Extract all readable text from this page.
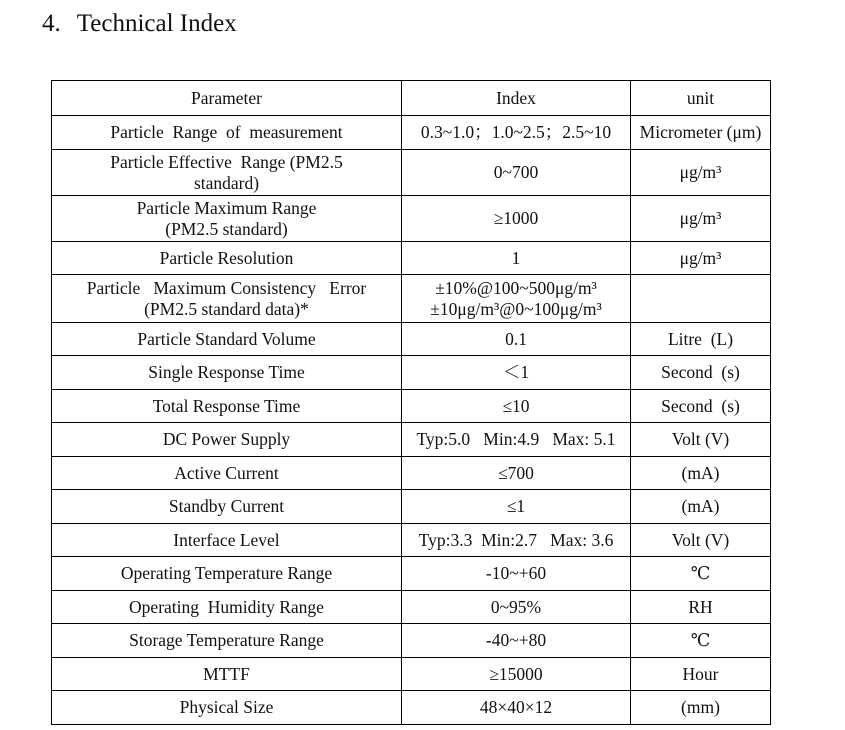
4. Technical Index
Parameter	Index	unit

Particle  Range  of  measurement	0.3~1.0；1.0~2.5；2.5~10	Micrometer (μm)

Particle Effective  Range (PM2.5
standard)	0~700	μg/m³

Particle Maximum Range
(PM2.5 standard)	≥1000	μg/m³

Particle Resolution	1	μg/m³

Particle   Maximum Consistency   Error
(PM2.5 standard data)*	±10%@100~500μg/m³
±10μg/m³@0~100μg/m³	

Particle Standard Volume	0.1	Litre  (L)

Single Response Time	＜1	Second  (s)

Total Response Time	≤10	Second  (s)

DC Power Supply	Typ:5.0   Min:4.9   Max: 5.1	Volt (V)

Active Current	≤700	(mA)

Standby Current	≤1	(mA)

Interface Level	Typ:3.3  Min:2.7   Max: 3.6	Volt (V)

Operating Temperature Range	-10~+60	℃

Operating  Humidity Range	0~95%	RH

Storage Temperature Range	-40~+80	℃

MTTF	≥15000	Hour

Physical Size	48×40×12	(mm)
